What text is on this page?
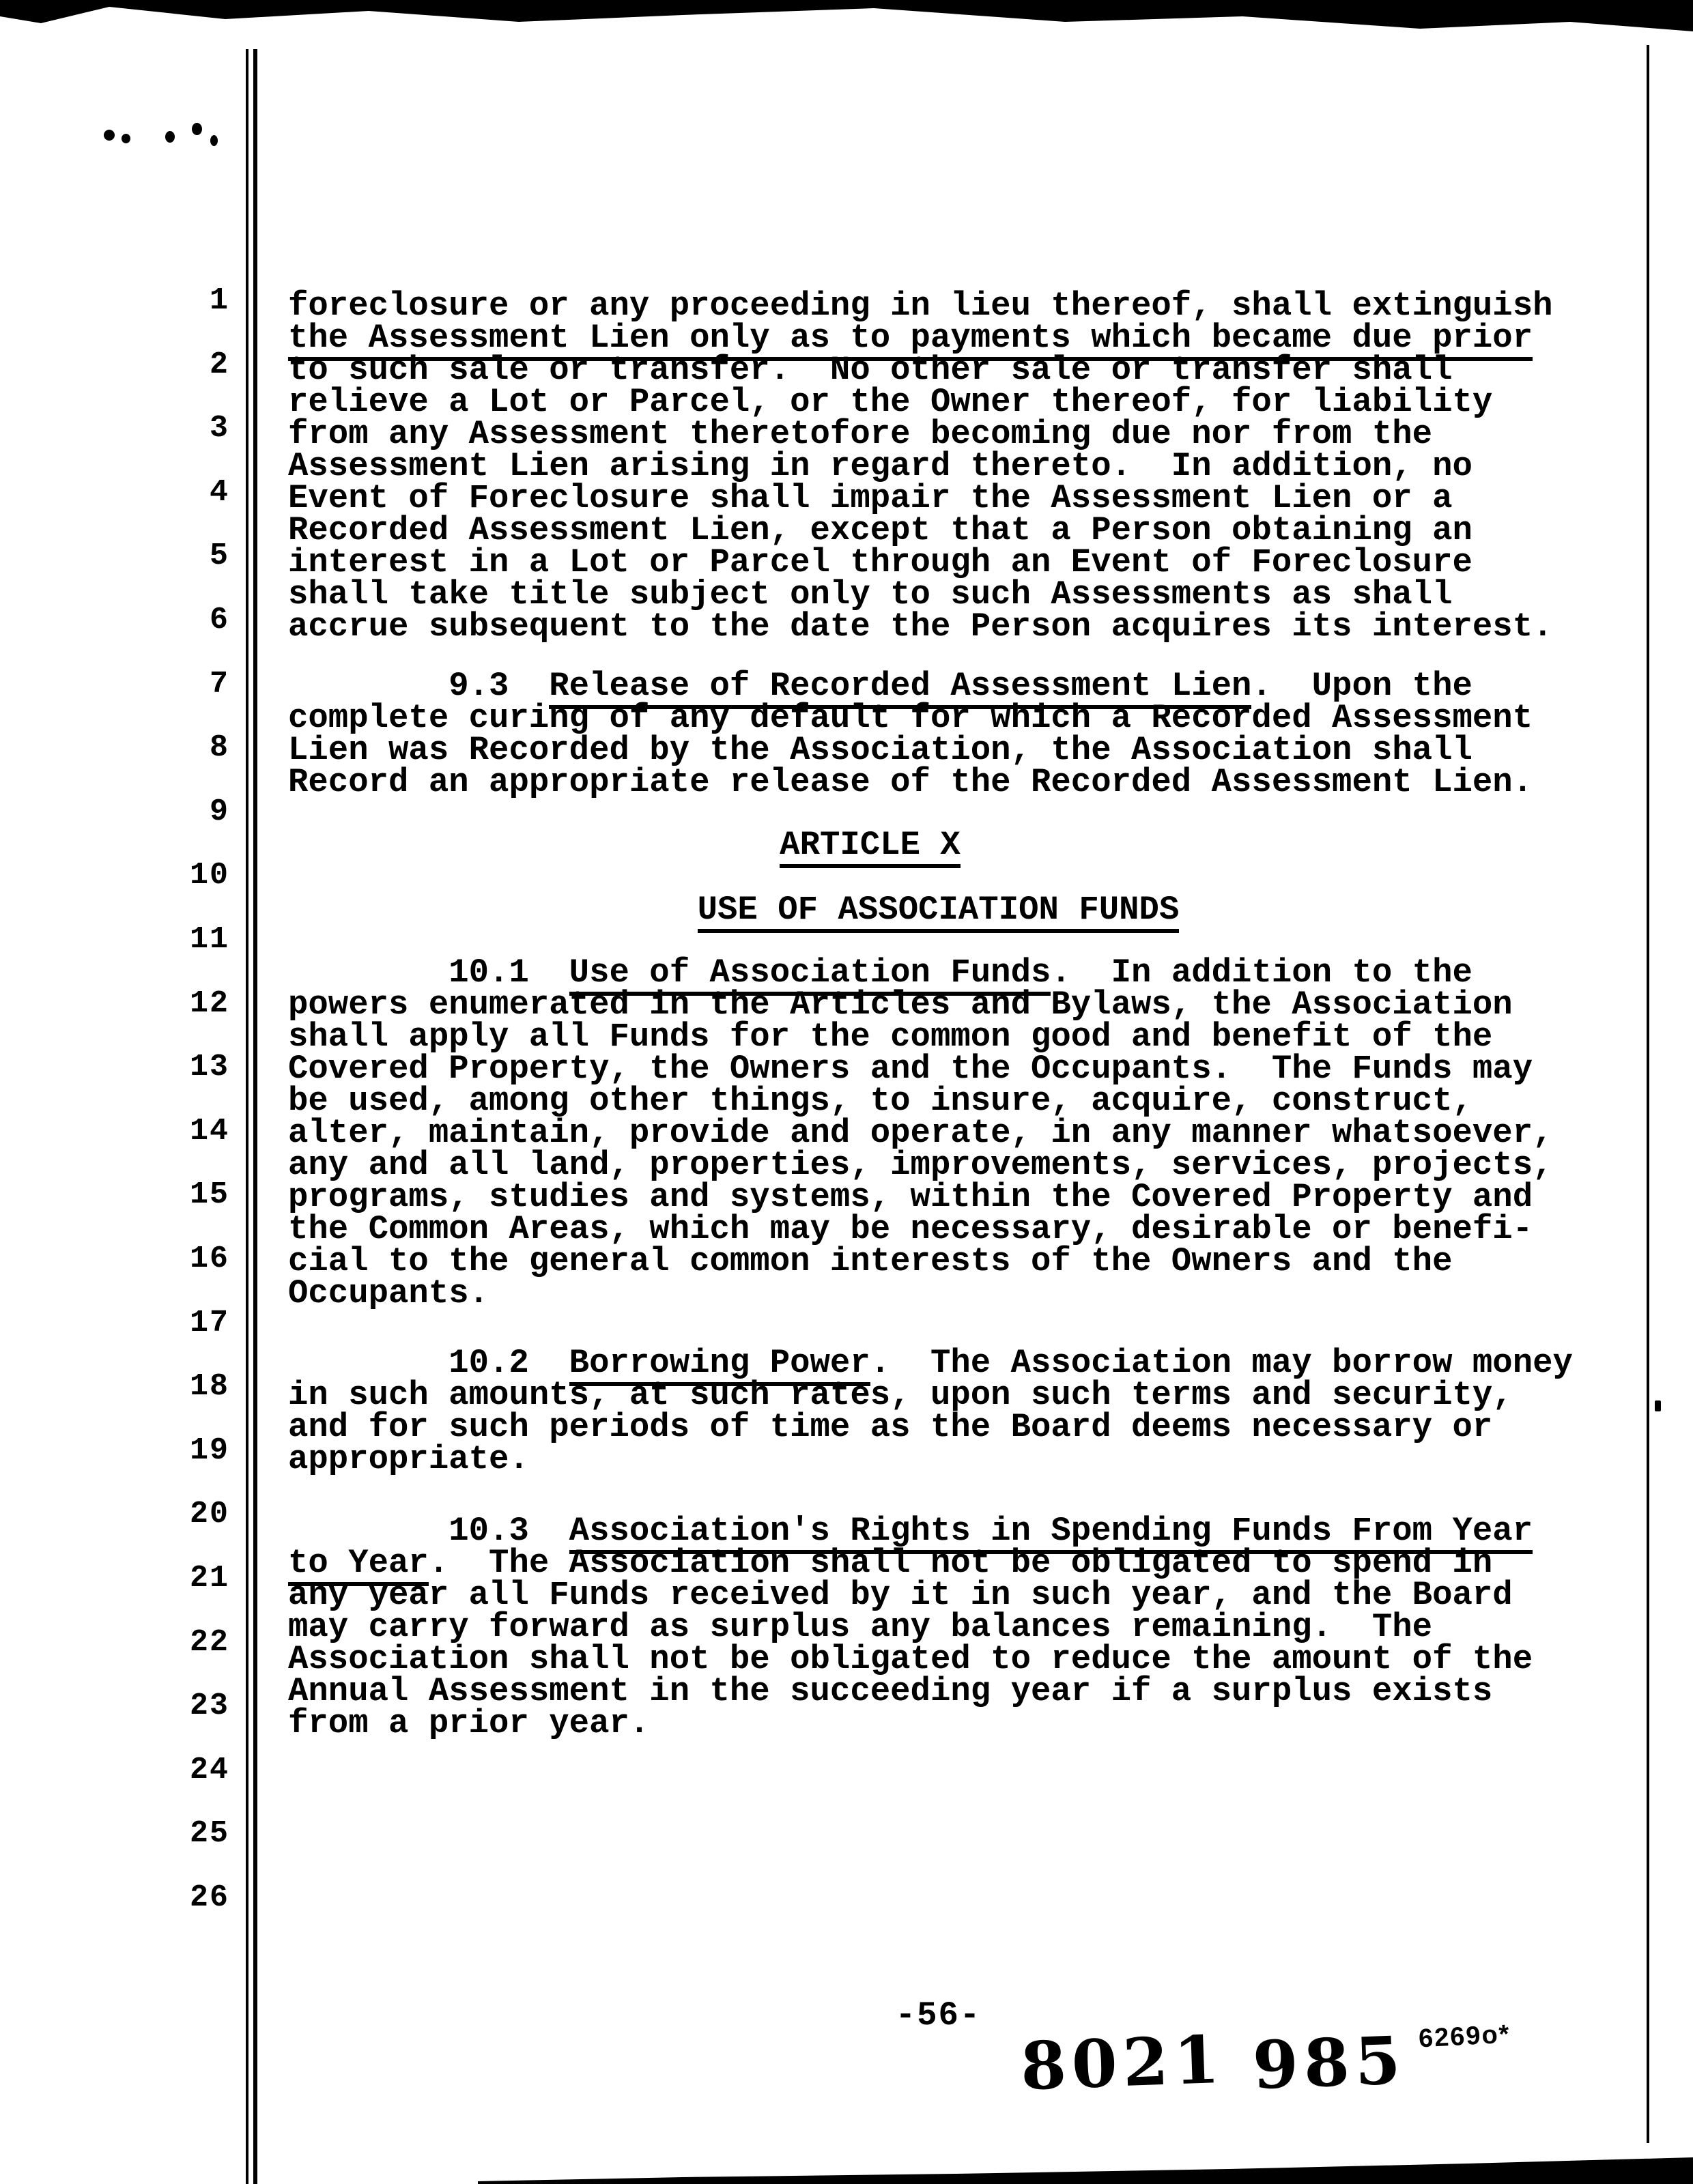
1
2
3
4
5
6
7
8
9
10
11
12
13
14
15
16
17
18
19
20
21
22
23
24
25
26
foreclosure or any proceeding in lieu thereof, shall extinguish
the Assessment Lien only as to payments which became due prior
to such sale or transfer.  No other sale or transfer shall
relieve a Lot or Parcel, or the Owner thereof, for liability
from any Assessment theretofore becoming due nor from the
Assessment Lien arising in regard thereto.  In addition, no
Event of Foreclosure shall impair the Assessment Lien or a
Recorded Assessment Lien, except that a Person obtaining an
interest in a Lot or Parcel through an Event of Foreclosure
shall take title subject only to such Assessments as shall
accrue subsequent to the date the Person acquires its interest.
9.3  Release of Recorded Assessment Lien.  Upon the
complete curing of any default for which a Recorded Assessment
Lien was Recorded by the Association, the Association shall
Record an appropriate release of the Recorded Assessment Lien.
ARTICLE X
USE OF ASSOCIATION FUNDS
10.1  Use of Association Funds.  In addition to the
powers enumerated in the Articles and Bylaws, the Association
shall apply all Funds for the common good and benefit of the
Covered Property, the Owners and the Occupants.  The Funds may
be used, among other things, to insure, acquire, construct,
alter, maintain, provide and operate, in any manner whatsoever,
any and all land, properties, improvements, services, projects,
programs, studies and systems, within the Covered Property and
the Common Areas, which may be necessary, desirable or benefi-
cial to the general common interests of the Owners and the
Occupants.
10.2  Borrowing Power.  The Association may borrow money
in such amounts, at such rates, upon such terms and security,
and for such periods of time as the Board deems necessary or
appropriate.
10.3  Association's Rights in Spending Funds From Year
to Year.  The Association shall not be obligated to spend in
any year all Funds received by it in such year, and the Board
may carry forward as surplus any balances remaining.  The
Association shall not be obligated to reduce the amount of the
Annual Assessment in the succeeding year if a surplus exists
from a prior year.
-56-
8021 985 6269o*
